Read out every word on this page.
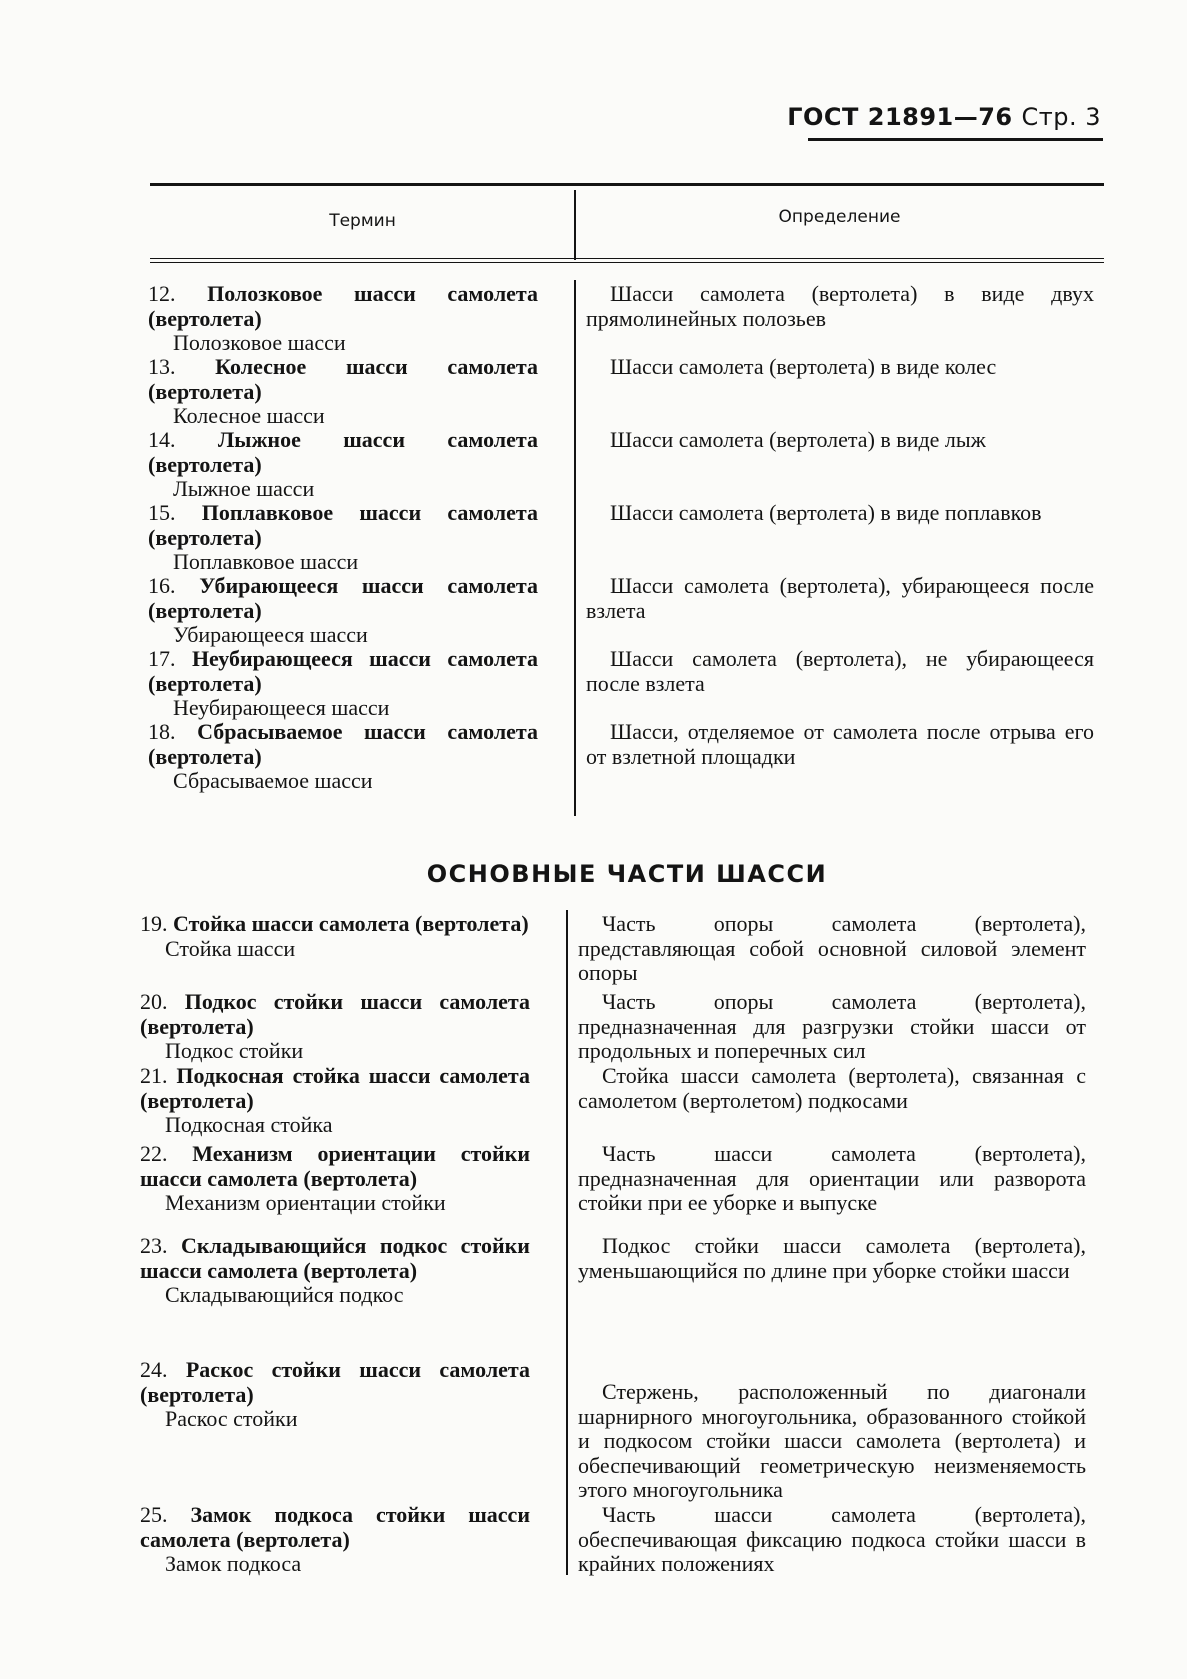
ГОСТ 21891—76 Стр. 3
Термин	Определение
12. Полозковое шасси самолета (вертолета)
Полозковое шасси
Шасси самолета (вертолета) в виде двух прямолинейных полозьев
13. Колесное шасси самолета (вертолета)
Колесное шасси
Шасси самолета (вертолета) в виде колес
14. Лыжное шасси самолета (вертолета)
Лыжное шасси
Шасси самолета (вертолета) в виде лыж
15. Поплавковое шасси самолета (вертолета)
Поплавковое шасси
Шасси самолета (вертолета) в виде поплавков
16. Убирающееся шасси самолета (вертолета)
Убирающееся шасси
Шасси самолета (вертолета), убирающееся после взлета
17. Неубирающееся шасси самолета (вертолета)
Неубирающееся шасси
Шасси самолета (вертолета), не убирающееся после взлета
18. Сбрасываемое шасси самолета (вертолета)
Сбрасываемое шасси
Шасси, отделяемое от самолета после отрыва его от взлетной площадки
ОСНОВНЫЕ ЧАСТИ ШАССИ
19. Стойка шасси самолета (вертолета)
Стойка шасси
Часть опоры самолета (вертолета), представляющая собой основной силовой элемент опоры
20. Подкос стойки шасси самолета (вертолета)
Подкос стойки
Часть опоры самолета (вертолета), предназначенная для разгрузки стойки шасси от продольных и поперечных сил
21. Подкосная стойка шасси самолета (вертолета)
Подкосная стойка
Стойка шасси самолета (вертолета), связанная с самолетом (вертолетом) подкосами
22. Механизм ориентации стойки шасси самолета (вертолета)
Механизм ориентации стойки
Часть шасси самолета (вертолета), предназначенная для ориентации или разворота стойки при ее уборке и выпуске
23. Складывающийся подкос стойки шасси самолета (вертолета)
Складывающийся подкос
Подкос стойки шасси самолета (вертолета), уменьшающийся по длине при уборке стойки шасси
24. Раскос стойки шасси самолета (вертолета)
Раскос стойки
Стержень, расположенный по диагонали шарнирного многоугольника, образованного стойкой и подкосом стойки шасси самолета (вертолета) и обеспечивающий геометрическую неизменяемость этого многоугольника
25. Замок подкоса стойки шасси самолета (вертолета)
Замок подкоса
Часть шасси самолета (вертолета), обеспечивающая фиксацию подкоса стойки шасси в крайних положениях
